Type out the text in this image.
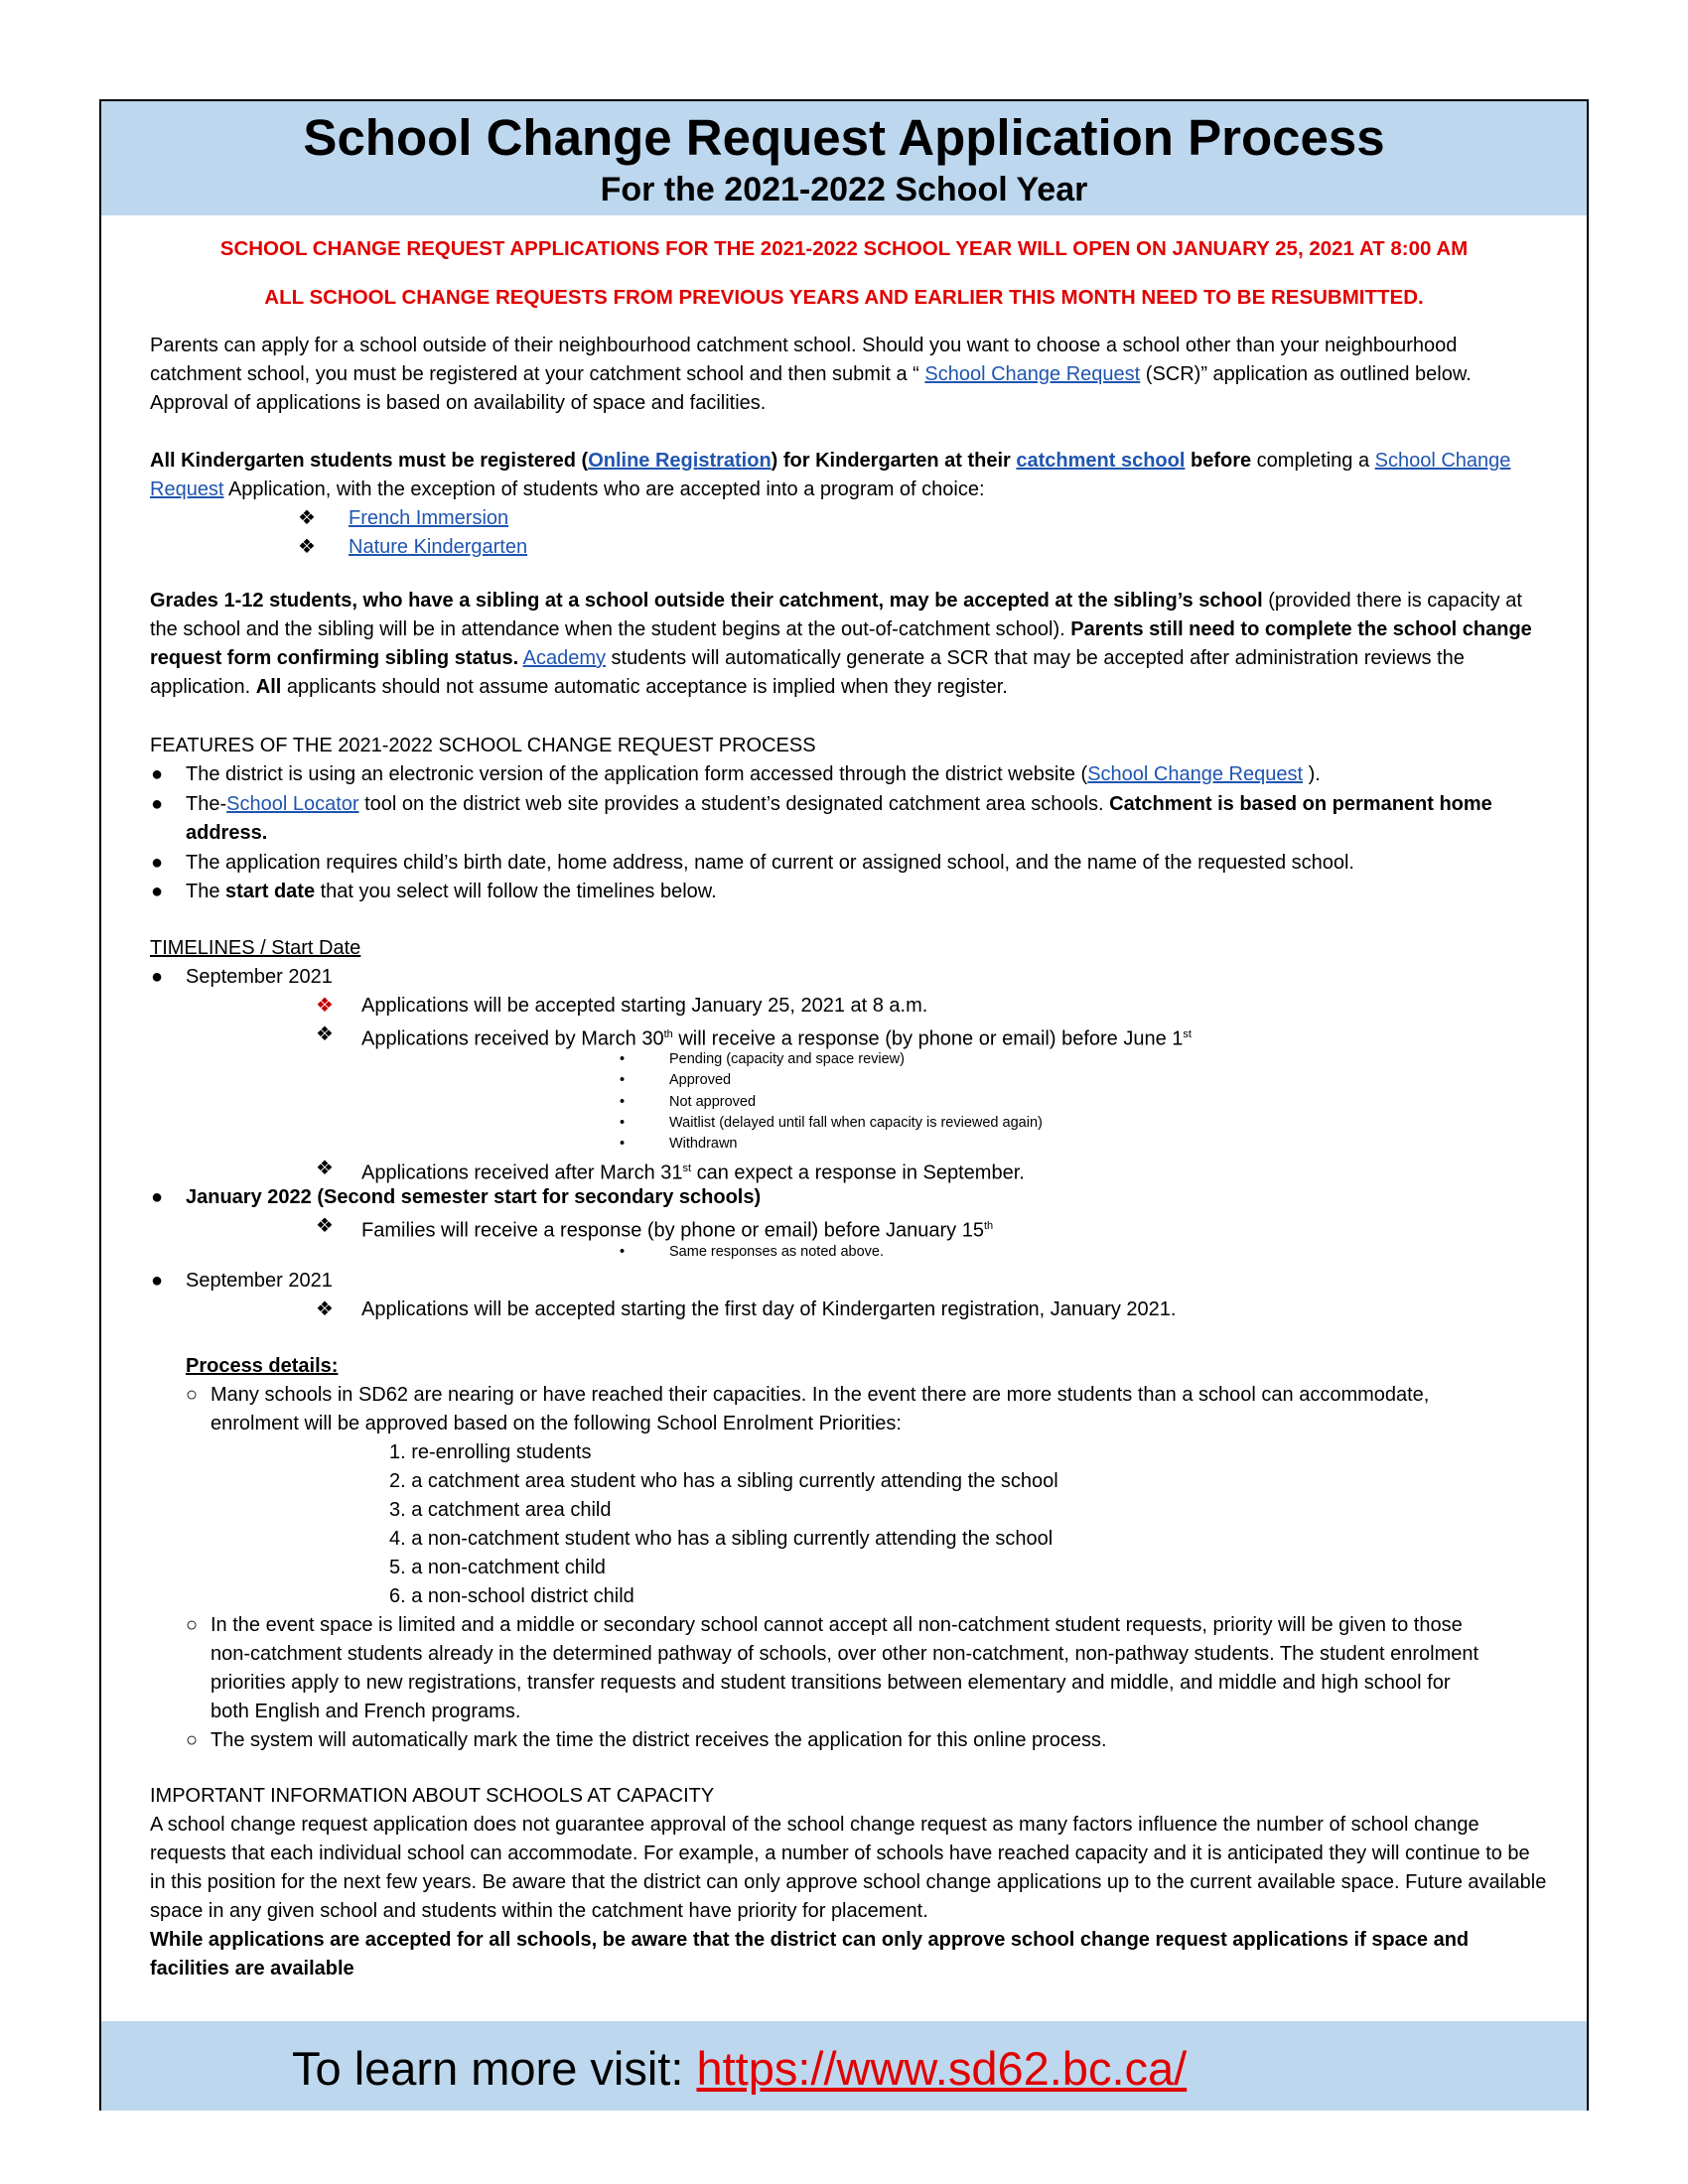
School Change Request Application Process
For the 2021-2022 School Year
SCHOOL CHANGE REQUEST APPLICATIONS FOR THE 2021-2022 SCHOOL YEAR WILL OPEN ON JANUARY 25, 2021 AT 8:00 AM
ALL SCHOOL CHANGE REQUESTS FROM PREVIOUS YEARS AND EARLIER THIS MONTH NEED TO BE RESUBMITTED.
Parents can apply for a school outside of their neighbourhood catchment school. Should you want to choose a school other than your neighbourhood catchment school, you must be registered at your catchment school and then submit a “ School Change Request (SCR)” application as outlined below. Approval of applications is based on availability of space and facilities.
All Kindergarten students must be registered (Online Registration) for Kindergarten at their catchment school before completing a School Change Request Application, with the exception of students who are accepted into a program of choice:
❖ French Immersion
❖ Nature Kindergarten
Grades 1-12 students, who have a sibling at a school outside their catchment, may be accepted at the sibling’s school (provided there is capacity at the school and the sibling will be in attendance when the student begins at the out-of-catchment school). Parents still need to complete the school change request form confirming sibling status. Academy students will automatically generate a SCR that may be accepted after administration reviews the application. All applicants should not assume automatic acceptance is implied when they register.
FEATURES OF THE 2021-2022 SCHOOL CHANGE REQUEST PROCESS
● The district is using an electronic version of the application form accessed through the district website (School Change Request ).
● The-School Locator tool on the district web site provides a student’s designated catchment area schools. Catchment is based on permanent home address.
● The application requires child’s birth date, home address, name of current or assigned school, and the name of the requested school.
● The start date that you select will follow the timelines below.
TIMELINES / Start Date
● September 2021
❖ Applications will be accepted starting January 25, 2021 at 8 a.m.
❖ Applications received by March 30th will receive a response (by phone or email) before June 1st
•	Pending (capacity and space review)
•	Approved
•	Not approved
•	Waitlist (delayed until fall when capacity is reviewed again)
•	Withdrawn
❖ Applications received after March 31st can expect a response in September.
● January 2022 (Second semester start for secondary schools)
❖ Families will receive a response (by phone or email) before January 15th
•	Same responses as noted above.
● September 2021
❖ Applications will be accepted starting the first day of Kindergarten registration, January 2021.
Process details:
○ Many schools in SD62 are nearing or have reached their capacities. In the event there are more students than a school can accommodate, enrolment will be approved based on the following School Enrolment Priorities:
1. re-enrolling students
2. a catchment area student who has a sibling currently attending the school
3. a catchment area child
4. a non-catchment student who has a sibling currently attending the school
5. a non-catchment child
6. a non-school district child
○ In the event space is limited and a middle or secondary school cannot accept all non-catchment student requests, priority will be given to those non-catchment students already in the determined pathway of schools, over other non-catchment, non-pathway students. The student enrolment priorities apply to new registrations, transfer requests and student transitions between elementary and middle, and middle and high school for both English and French programs.
○ The system will automatically mark the time the district receives the application for this online process.
IMPORTANT INFORMATION ABOUT SCHOOLS AT CAPACITY
A school change request application does not guarantee approval of the school change request as many factors influence the number of school change requests that each individual school can accommodate. For example, a number of schools have reached capacity and it is anticipated they will continue to be in this position for the next few years. Be aware that the district can only approve school change applications up to the current available space. Future available space in any given school and students within the catchment have priority for placement.
While applications are accepted for all schools, be aware that the district can only approve school change request applications if space and facilities are available
To learn more visit: https://www.sd62.bc.ca/
